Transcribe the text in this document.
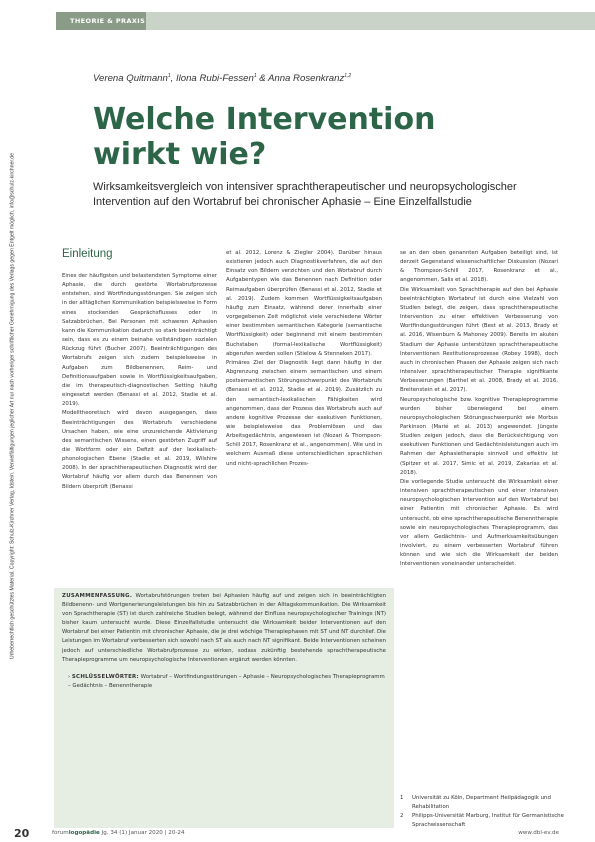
THEORIE & PRAXIS
Urheberrechtlich geschütztes Material. Copyright: Schulz-Kirchner Verlag, Idstein. Vervielfältigungen jeglicher Art nur nach vorheriger schriftlicher Genehmigung des Verlags gegen Entgelt möglich. info@schulz-kirchner.de
Verena Quitmann$^1$, Ilona Rubi-Fessen$^1$ & Anna Rosenkranz$^{1,2}$
Welche Intervention wirkt wie?
Wirksamkeitsvergleich von intensiver sprachtherapeutischer und neuropsychologischer Intervention auf den Wortabruf bei chronischer Aphasie – Eine Einzelfallstudie
Einleitung

Eines der häufigsten und belastendsten Symptome einer Aphasie, die durch gestörte Wortabrufprozesse entstehen, sind Wortfindungsstörungen. Sie zeigen sich in der alltäglichen Kommunikation beispielsweise in Form eines stockenden Gesprächsflusses oder in Satzabbrüchen. Bei Personen mit schweren Aphasien kann die Kommunikation dadurch so stark beeinträchtigt sein, dass es zu einem beinahe vollständigen sozialen Rückzug führt (Bucher 2007). Beeinträchtigungen des Wortabrufs zeigen sich zudem beispielsweise in Aufgaben zum Bildbenennen, Reim- und Definitionsaufgaben sowie in Wortflüssigkeitsaufgaben, die im therapeutisch-diagnostischen Setting häufig eingesetzt werden (Benassi et al. 2012, Stadie et al. 2019).

Modelltheoretisch wird davon ausgegangen, dass Beeinträchtigungen des Wortabrufs verschiedene Ursachen haben, wie eine unzureichende Aktivierung des semantischen Wissens, einen gestörten Zugriff auf die Wortform oder ein Defizit auf der lexikalisch-phonologischen Ebene (Stadie et al. 2019, Wilshire 2008). In der sprachtherapeutischen Diagnostik wird der Wortabruf häufig vor allem durch das Benennen von Bildern überprüft (Benassi

et al. 2012, Lorenz & Ziegler 2004). Darüber hinaus existieren jedoch auch Diagnostikverfahren, die auf den Einsatz von Bildern verzichten und den Wortabruf durch Aufgabentypen wie das Benennen nach Definition oder Reimaufgaben überprüfen (Benassi et al. 2012, Stadie et al. 2019). Zudem kommen Wortflüssigkeitsaufgaben häufig zum Einsatz, während derer innerhalb einer vorgegebenen Zeit möglichst viele verschiedene Wörter einer bestimmten semantischen Kategorie (semantische Wortflüssigkeit) oder beginnend mit einem bestimmten Buchstaben (formal-lexikalische Wortflüssigkeit) abgerufen werden sollen (Stielow & Stenneken 2017).

Primäres Ziel der Diagnostik liegt dann häufig in der Abgrenzung zwischen einem semantischen und einem postsemantischen Störungsschwerpunkt des Wortabrufs (Benassi et al. 2012, Stadie et al. 2019). Zusätzlich zu den semantisch-lexikalischen Fähigkeiten wird angenommen, dass der Prozess des Wortabrufs auch auf andere kognitive Prozesse der exekutiven Funktionen, wie beispielsweise das Problemlösen und das Arbeitsgedächtnis, angewiesen ist (Nozari & Thompson-Schill 2017, Rosenkranz et al., angenommen). Wie und in welchem Ausmaß diese unterschiedlichen sprachlichen und nicht-sprachlichen Prozes-

se an den oben genannten Aufgaben beteiligt sind, ist derzeit Gegenstand wissenschaftlicher Diskussion (Nozari & Thompson-Schill 2017, Rosenkranz et al., angenommen, Salis et al. 2018).

Die Wirksamkeit von Sprachtherapie auf den bei Aphasie beeinträchtigten Wortabruf ist durch eine Vielzahl von Studien belegt, die zeigen, dass sprachtherapeutische Intervention zu einer effektiven Verbesserung von Wortfindungsstörungen führt (Best et al. 2013, Brady et al. 2016, Wisenburn & Mahoney 2009). Bereits im akuten Stadium der Aphasie unterstützen sprachtherapeutische Interventionen Restitutionsprozesse (Robey 1998), doch auch in chronischen Phasen der Aphasie zeigen sich nach intensiver sprachtherapeutischer Therapie signifikante Verbesserungen (Barthel et al. 2008, Brady et al. 2016, Breitenstein et al. 2017).

Neuropsychologische bzw. kognitive Therapieprogramme wurden bisher überwiegend bei einem neuropsychologischen Störungsschwerpunkt wie Morbus Parkinson (Marié et al. 2013) angewendet. Jüngste Studien zeigen jedoch, dass die Berücksichtigung von exekutiven Funktionen und Gedächtnisleistungen auch im Rahmen der Aphasietherapie sinnvoll und effektiv ist (Spitzer et al. 2017, Simic et al. 2019, Zakarias et al. 2018).

Die vorliegende Studie untersucht die Wirksamkeit einer intensiven sprachtherapeutischen und einer intensiven neuropsychologischen Intervention auf den Wortabruf bei einer Patientin mit chronischer Aphasie. Es wird untersucht, ob eine sprachtherapeutische Benenntherapie sowie ein neuropsychologisches Therapieprogramm, das vor allem Gedächtnis- und Aufmerksamkeitsübungen involviert, zu einem verbesserten Wortabruf führen können und wie sich die Wirksamkeit der beiden Interventionen voneinander unterscheidet.

1	Universität zu Köln, Department Heilpädagogik und Rehabilitation
2	Philipps-Universität Marburg, Institut für Germanistische Sprachwissenschaft
ZUSAMMENFASSUNG. Wortabrufstörungen treten bei Aphasien häufig auf und zeigen sich in beeinträchtigten Bildbenenn- und Wortgenerierungsleistungen bis hin zu Satzabbrüchen in der Alltagskommunikation. Die Wirksamkeit von Sprachtherapie (ST) ist durch zahlreiche Studien belegt, während der Einfluss neuropsychologischer Trainings (NT) bisher kaum untersucht wurde. Diese Einzelfallstudie untersucht die Wirksamkeit beider Interventionen auf den Wortabruf bei einer Patientin mit chronischer Aphasie, die je drei wöchige Therapiephasen mit ST und NT durchlief. Die Leistungen im Wortabruf verbesserten sich sowohl nach ST als auch nach NT signifikant. Beide Interventionen scheinen jedoch auf unterschiedliche Wortabrufprozesse zu wirken, sodass zukünftig bestehende sprachtherapeutische Therapieprogramme um neuropsychologische Interventionen ergänzt werden könnten.
› SCHLÜSSELWÖRTER: Wortabruf – Wortfindungsstörungen – Aphasie – Neuropsychologisches Therapieprogramm – Gedächtnis – Benenntherapie
20	forumlogopädie Jg. 34 (1) Januar 2020 | 20-24	www.dbl-ev.de
